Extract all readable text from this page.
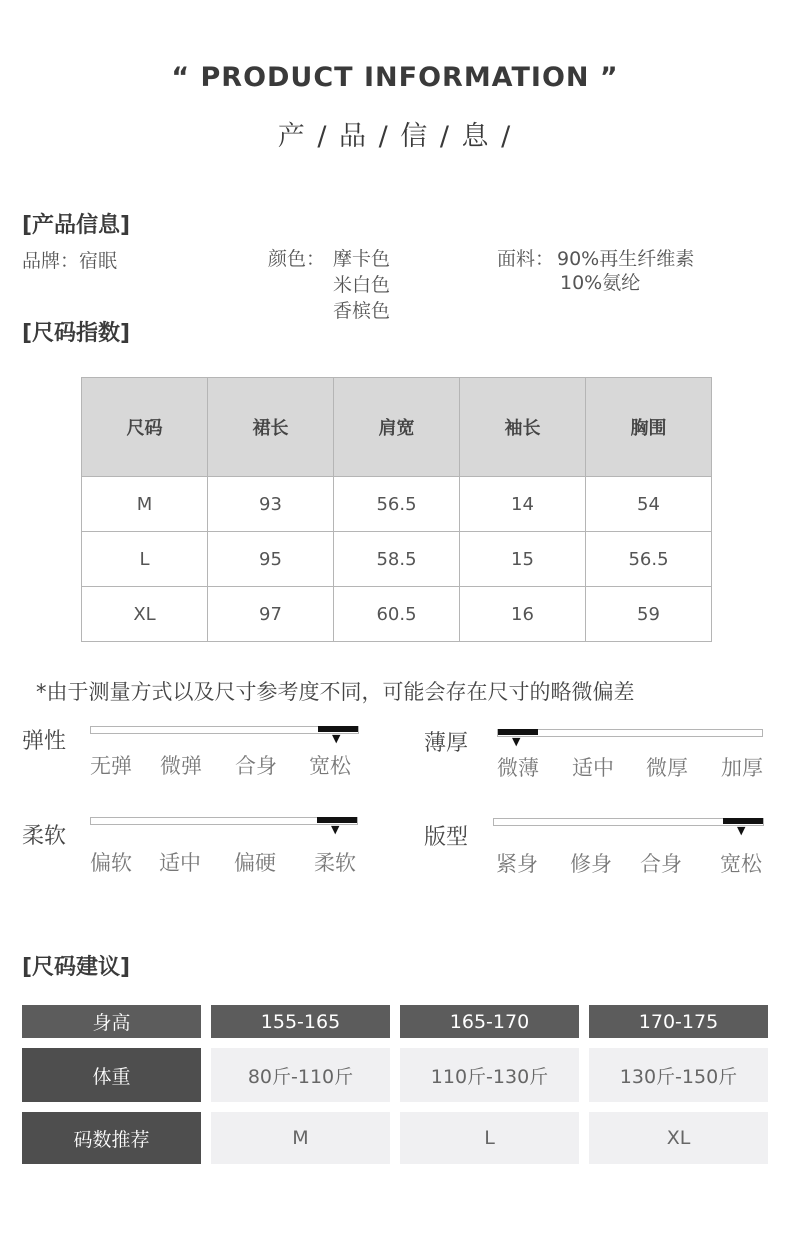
“ PRODUCT INFORMATION ”
产 / 品 / 信 / 息 /
[产品信息]
品牌：宿眠	颜色： 摩卡色
米白色
香槟色
面料： 90%再生纤维素
10%氨纶
[尺码指数]
尺码	裙长	肩宽	袖长	胸围
M	93	56.5	14	54
L	95	58.5	15	56.5
XL	97	60.5	16	59
*由于测量方式以及尺寸参考度不同，可能会存在尺寸的略微偏差
弹性	▼
无弹 微弹 合身 宽松
薄厚	▼
微薄 适中 微厚 加厚
柔软	▼
偏软 适中 偏硬 柔软
版型	▼
紧身 修身 合身 宽松
[尺码建议]
身高	155-165	165-170	170-175
体重	80斤-110斤	110斤-130斤	130斤-150斤
码数推荐	M	L	XL
